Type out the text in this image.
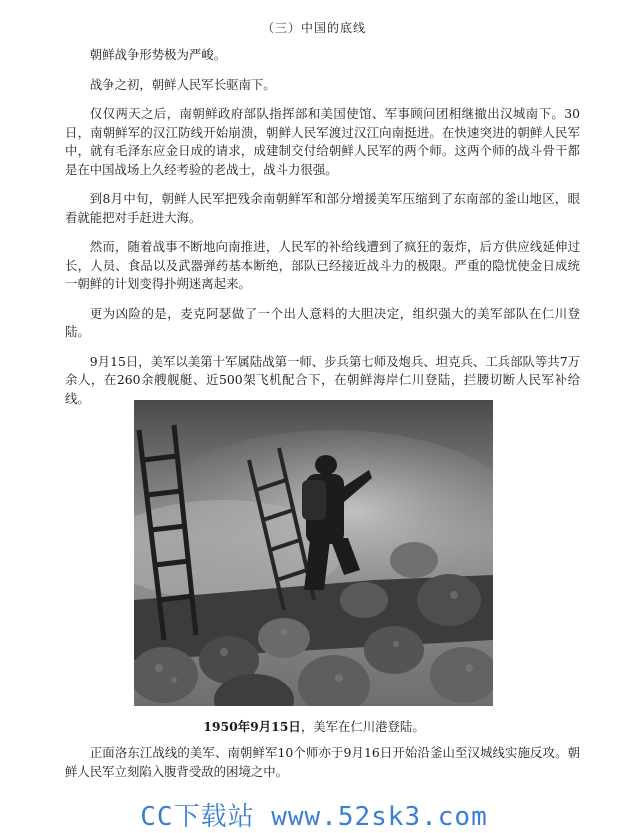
（三）中国的底线

朝鲜战争形势极为严峻。

战争之初，朝鲜人民军长驱南下。

仅仅两天之后，南朝鲜政府部队指挥部和美国使馆、军事顾问团相继撤出汉城南下。30日，南朝鲜军的汉江防线开始崩溃，朝鲜人民军渡过汉江向南挺进。在快速突进的朝鲜人民军中，就有毛泽东应金日成的请求，成建制交付给朝鲜人民军的两个师。这两个师的战斗骨干都是在中国战场上久经考验的老战士，战斗力很强。

到8月中旬，朝鲜人民军把残余南朝鲜军和部分增援美军压缩到了东南部的釜山地区，眼看就能把对手赶进大海。

然而，随着战事不断地向南推进，人民军的补给线遭到了疯狂的轰炸，后方供应线延伸过长，人员、食品以及武器弹药基本断绝，部队已经接近战斗力的极限。严重的隐忧使金日成统一朝鲜的计划变得扑朔迷离起来。

更为凶险的是，麦克阿瑟做了一个出人意料的大胆决定，组织强大的美军部队在仁川登陆。

9月15日，美军以美第十军属陆战第一师、步兵第七师及炮兵、坦克兵、工兵部队等共7万余人，在260余艘舰艇、近500架飞机配合下，在朝鲜海岸仁川登陆，拦腰切断人民军补给线。

1950年9月15日，美军在仁川港登陆。

正面洛东江战线的美军、南朝鲜军10个师亦于9月16日开始沿釜山至汉城线实施反攻。朝鲜人民军立刻陷入腹背受敌的困境之中。

CC下载站 www.52sk3.com
